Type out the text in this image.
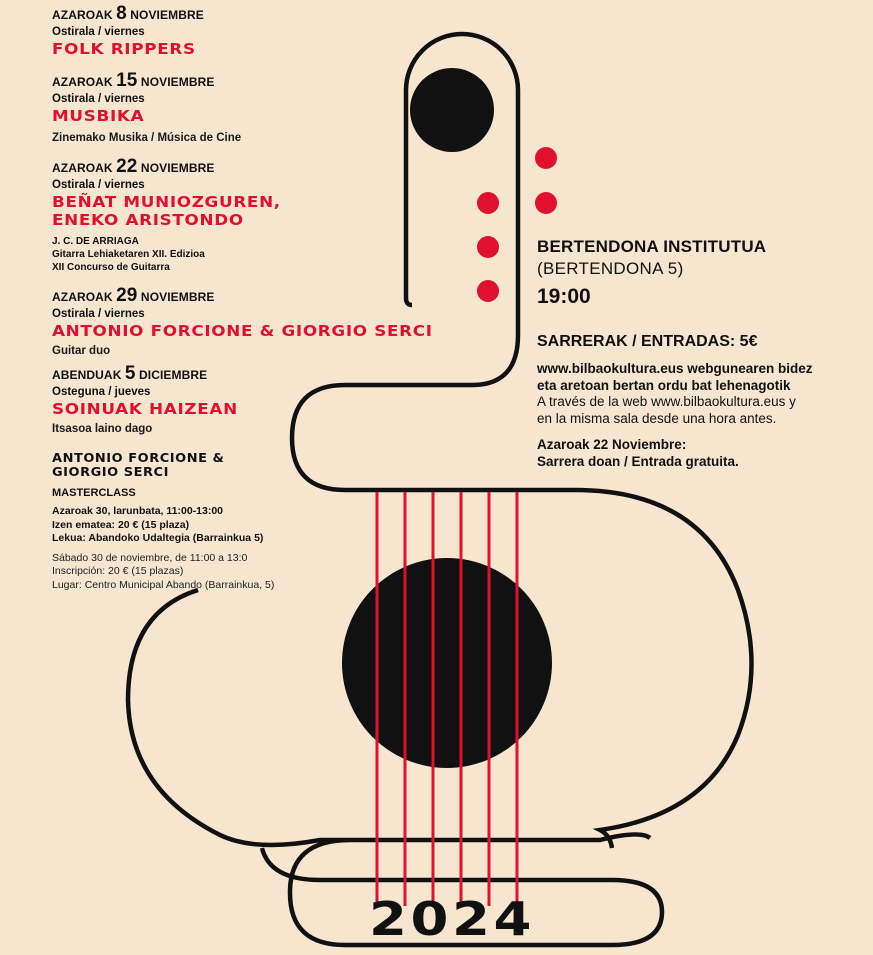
2024
AZAROAK 8 NOVIEMBRE
Ostirala / viernes
FOLK RIPPERS
AZAROAK 15 NOVIEMBRE
Ostirala / viernes
MUSBIKA
Zinemako Musika / Música de Cine
AZAROAK 22 NOVIEMBRE
Ostirala / viernes
BEÑAT MUNIOZGUREN,
ENEKO ARISTONDO
J. C. DE ARRIAGA
Gitarra Lehiaketaren XII. Edizioa
XII Concurso de Guitarra
AZAROAK 29 NOVIEMBRE
Ostirala / viernes
ANTONIO FORCIONE & GIORGIO SERCI
Guitar duo
ABENDUAK 5 DICIEMBRE
Osteguna / jueves
SOINUAK HAIZEAN
Itsasoa laino dago
ANTONIO FORCIONE &
GIORGIO SERCI
MASTERCLASS
Azaroak 30, larunbata, 11:00-13:00
Izen ematea: 20 € (15 plaza)
Lekua: Abandoko Udaltegia (Barrainkua 5)
Sábado 30 de noviembre, de 11:00 a 13:0
Inscripción: 20 € (15 plazas)
Lugar: Centro Municipal Abando (Barrainkua, 5)
BERTENDONA INSTITUTUA
(BERTENDONA 5)
19:00
SARRERAK / ENTRADAS: 5€
www.bilbaokultura.eus webgunearen bidez
eta aretoan bertan ordu bat lehenagotik
A través de la web www.bilbaokultura.eus y
en la misma sala desde una hora antes.
Azaroak 22 Noviembre:
Sarrera doan / Entrada gratuita.
